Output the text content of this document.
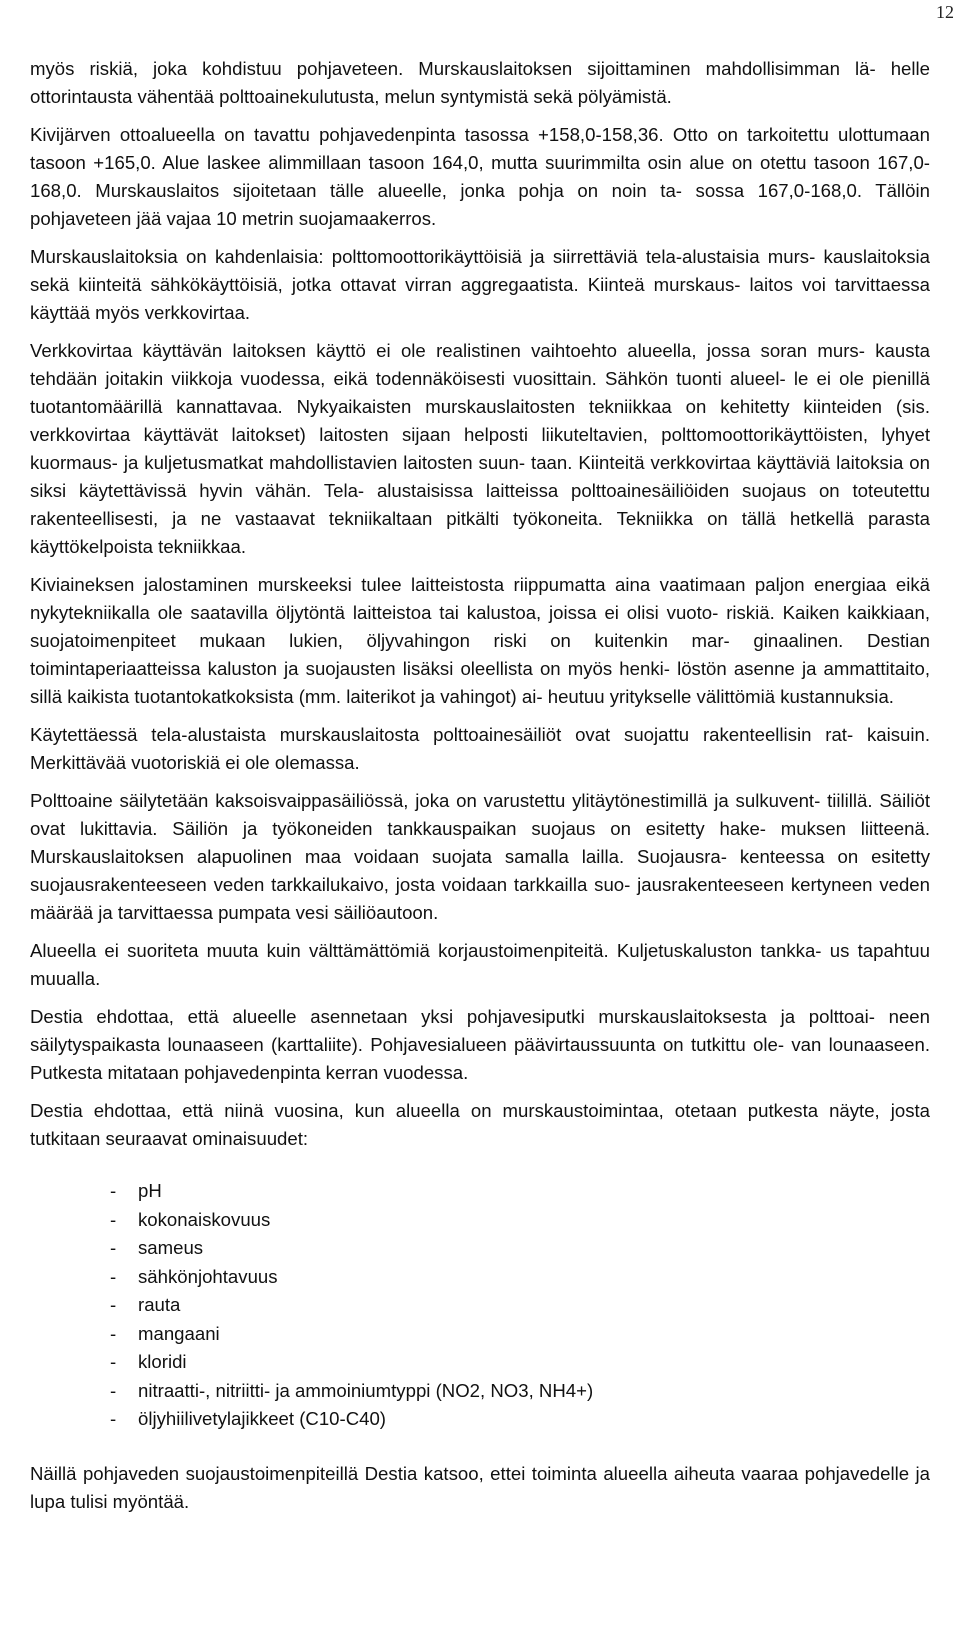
12

myös riskiä, joka kohdistuu pohjaveteen. Murskauslaitoksen sijoittaminen mahdollisimman lä- helle ottorintausta vähentää polttoainekulutusta, melun syntymistä sekä pölyämistä.

Kivijärven ottoalueella on tavattu pohjavedenpinta tasossa +158,0-158,36. Otto on tarkoitettu ulottumaan tasoon +165,0. Alue laskee alimmillaan tasoon 164,0, mutta suurimmilta osin alue on otettu tasoon 167,0-168,0. Murskauslaitos sijoitetaan tälle alueelle, jonka pohja on noin ta- sossa 167,0-168,0. Tällöin pohjaveteen jää vajaa 10 metrin suojamaakerros.

Murskauslaitoksia on kahdenlaisia: polttomoottorikäyttöisiä ja siirrettäviä tela-alustaisia murs- kauslaitoksia sekä kiinteitä sähkökäyttöisiä, jotka ottavat virran aggregaatista. Kiinteä murskaus- laitos voi tarvittaessa käyttää myös verkkovirtaa.

Verkkovirtaa käyttävän laitoksen käyttö ei ole realistinen vaihtoehto alueella, jossa soran murs- kausta tehdään joitakin viikkoja vuodessa, eikä todennäköisesti vuosittain. Sähkön tuonti alueel- le ei ole pienillä tuotantomäärillä kannattavaa. Nykyaikaisten murskauslaitosten tekniikkaa on kehitetty kiinteiden (sis. verkkovirtaa käyttävät laitokset) laitosten sijaan helposti liikuteltavien, polttomoottorikäyttöisten, lyhyet kuormaus- ja kuljetusmatkat mahdollistavien laitosten suun- taan. Kiinteitä verkkovirtaa käyttäviä laitoksia on siksi käytettävissä hyvin vähän. Tela- alustaisissa laitteissa polttoainesäiliöiden suojaus on toteutettu rakenteellisesti, ja ne vastaavat tekniikaltaan pitkälti työkoneita. Tekniikka on tällä hetkellä parasta käyttökelpoista tekniikkaa.

Kiviaineksen jalostaminen murskeeksi tulee laitteistosta riippumatta aina vaatimaan paljon energiaa eikä nykytekniikalla ole saatavilla öljytöntä laitteistoa tai kalustoa, joissa ei olisi vuoto- riskiä. Kaiken kaikkiaan, suojatoimenpiteet mukaan lukien, öljyvahingon riski on kuitenkin mar- ginaalinen. Destian toimintaperiaatteissa kaluston ja suojausten lisäksi oleellista on myös henki- löstön asenne ja ammattitaito, sillä kaikista tuotantokatkoksista (mm. laiterikot ja vahingot) ai- heutuu yritykselle välittömiä kustannuksia.

Käytettäessä tela-alustaista murskauslaitosta polttoainesäiliöt ovat suojattu rakenteellisin rat- kaisuin. Merkittävää vuotoriskiä ei ole olemassa.

Polttoaine säilytetään kaksoisvaippasäiliössä, joka on varustettu ylitäytönestimillä ja sulkuvent- tiilillä. Säiliöt ovat lukittavia. Säiliön ja työkoneiden tankkauspaikan suojaus on esitetty hake- muksen liitteenä. Murskauslaitoksen alapuolinen maa voidaan suojata samalla lailla. Suojausra- kenteessa on esitetty suojausrakenteeseen veden tarkkailukaivo, josta voidaan tarkkailla suo- jausrakenteeseen kertyneen veden määrää ja tarvittaessa pumpata vesi säiliöautoon.

Alueella ei suoriteta muuta kuin välttämättömiä korjaustoimenpiteitä. Kuljetuskaluston tankka- us tapahtuu muualla.

Destia ehdottaa, että alueelle asennetaan yksi pohjavesiputki murskauslaitoksesta ja polttoai- neen säilytyspaikasta lounaaseen (karttaliite). Pohjavesialueen päävirtaussuunta on tutkittu ole- van lounaaseen. Putkesta mitataan pohjavedenpinta kerran vuodessa.

Destia ehdottaa, että niinä vuosina, kun alueella on murskaustoimintaa, otetaan putkesta näyte, josta tutkitaan seuraavat ominaisuudet:

-	pH
-	kokonaiskovuus
-	sameus
-	sähkönjohtavuus
-	rauta
-	mangaani
-	kloridi
-	nitraatti-, nitriitti- ja ammoiniumtyppi (NO2, NO3, NH4+)
-	öljyhiilivetylajikkeet (C10-C40)

Näillä pohjaveden suojaustoimenpiteillä Destia katsoo, ettei toiminta alueella aiheuta vaaraa pohjavedelle ja lupa tulisi myöntää.
